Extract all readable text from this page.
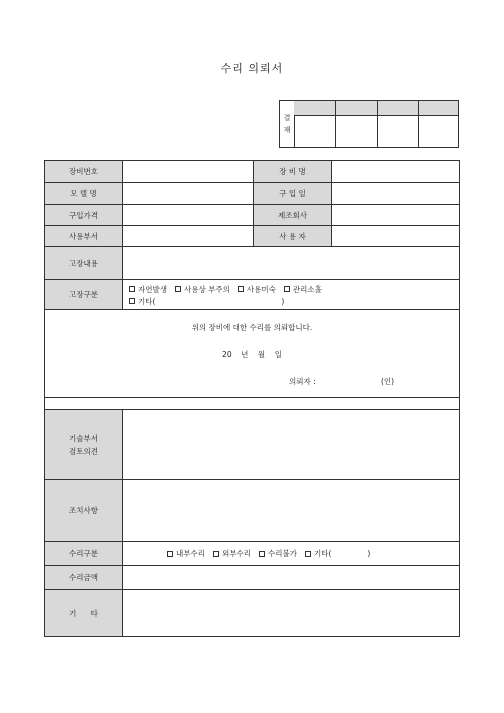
수리 의뢰서
결
재
장비번호	장 비 명
모 델 명	구 입 일
구입가격	제조회사
사용부서	사 용 자
고장내용
고장구분
자연발생 사용상 부주의 사용미숙 관리소홀
기타(	)
위의 장비에 대한 수리를 의뢰합니다.
20    년    월    일
의뢰자 :	(인)
기술부서
검토의견
조치사항
수리구분	내부수리 외부수리 수리불가 기타(	)
수리금액
기      타
